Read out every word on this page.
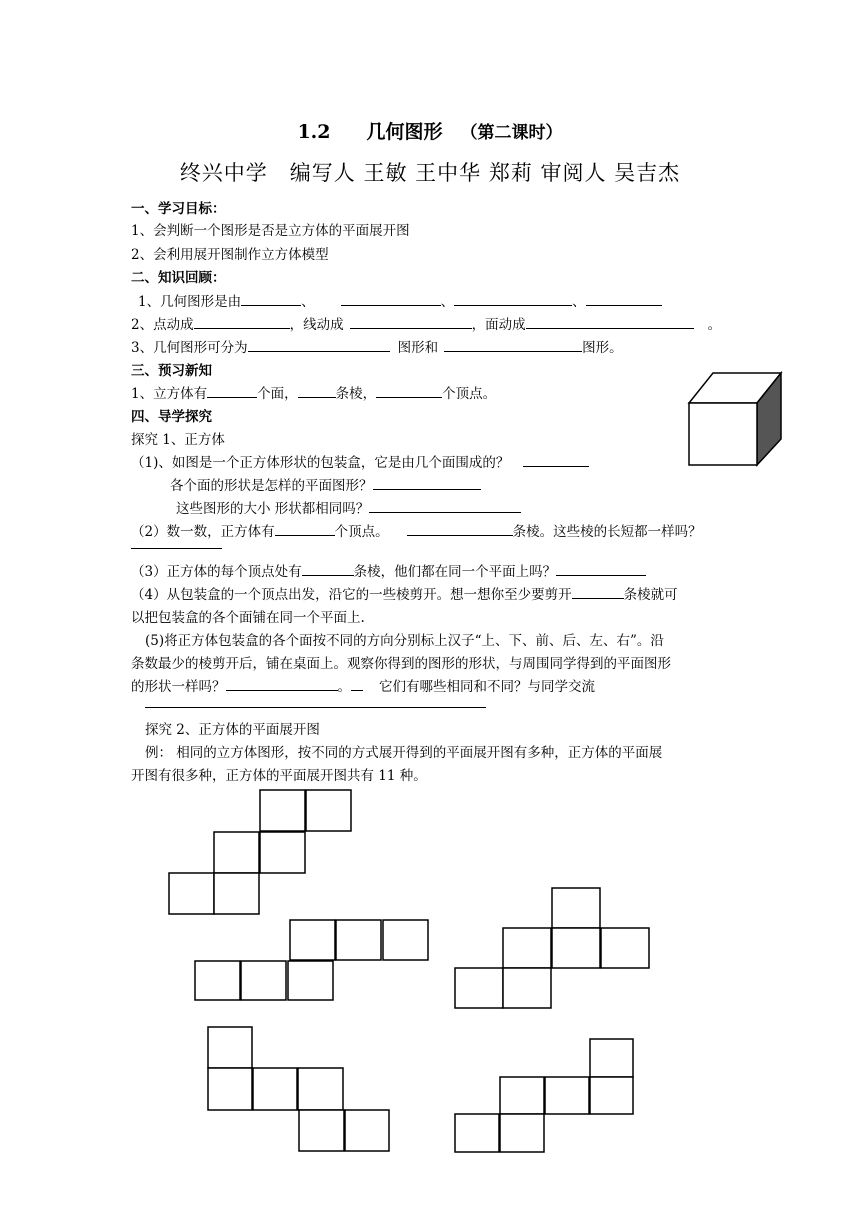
1.2 几何图形 （第二课时）
终兴中学　编写人 王敏 王中华 郑莉 审阅人 吴吉杰
一、学习目标：
1、会判断一个图形是否是立方体的平面展开图
2、会利用展开图制作立方体模型
二、知识回顾：
1、几何图形是由	、	、	、
2、点动成	，线动成	，面动成	。
3、几何图形可分为	图形和	图形。
三、预习新知
1、立方体有	个面，	条棱，	个顶点。
四、导学探究
探究 1、正方体
（1)、如图是一个正方体形状的包装盒，它是由几个面围成的？
各个面的形状是怎样的平面图形？
这些图形的大小 形状都相同吗？
（2）数一数，正方体有	个顶点。	条棱。这些棱的长短都一样吗？
（3）正方体的每个顶点处有	条棱，他们都在同一个平面上吗？
（4）从包装盒的一个顶点出发，沿它的一些棱剪开。想一想你至少要剪开	条棱就可
以把包装盒的各个面铺在同一个平面上.
(5)将正方体包装盒的各个面按不同的方向分别标上汉子“上、下、前、后、左、右”。沿
条数最少的棱剪开后，铺在桌面上。观察你得到的图形的形状，与周围同学得到的平面图形
的形状一样吗？	。 它们有哪些相同和不同？与同学交流
探究 2、正方体的平面展开图
例： 相同的立方体图形，按不同的方式展开得到的平面展开图有多种，正方体的平面展
开图有很多种，正方体的平面展开图共有 11 种。
